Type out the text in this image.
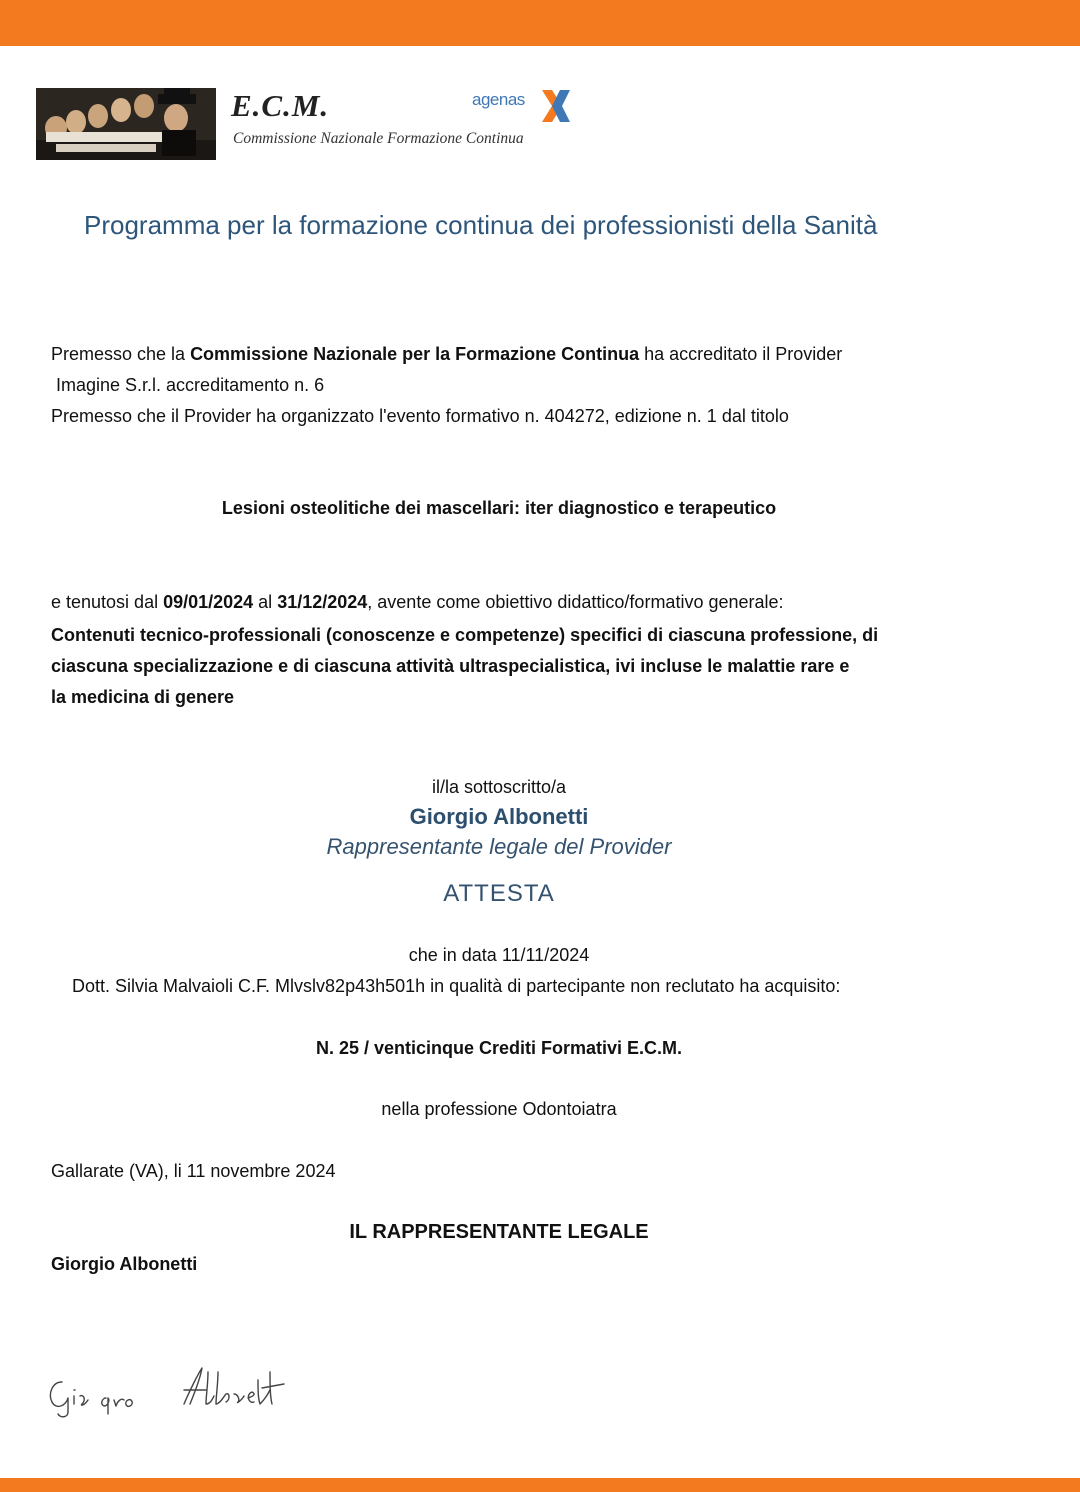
E.C.M.
Commissione Nazionale Formazione Continua
agenas
Programma per la formazione continua dei professionisti della Sanità
Premesso che la Commissione Nazionale per la Formazione Continua ha accreditato il Provider
Imagine S.r.l. accreditamento n. 6
Premesso che il Provider ha organizzato l'evento formativo n. 404272, edizione n. 1 dal titolo
Lesioni osteolitiche dei mascellari: iter diagnostico e terapeutico
e tenutosi dal 09/01/2024 al 31/12/2024, avente come obiettivo didattico/formativo generale:
Contenuti tecnico-professionali (conoscenze e competenze) specifici di ciascuna professione, di
ciascuna specializzazione e di ciascuna attività ultraspecialistica, ivi incluse le malattie rare e
la medicina di genere
il/la sottoscritto/a
Giorgio Albonetti
Rappresentante legale del Provider
ATTESTA
che in data 11/11/2024
Dott. Silvia Malvaioli C.F. Mlvslv82p43h501h in qualità di partecipante non reclutato ha acquisito:
N. 25 / venticinque Crediti Formativi E.C.M.
nella professione Odontoiatra
Gallarate (VA), li 11 novembre 2024
IL RAPPRESENTANTE LEGALE
Giorgio Albonetti
